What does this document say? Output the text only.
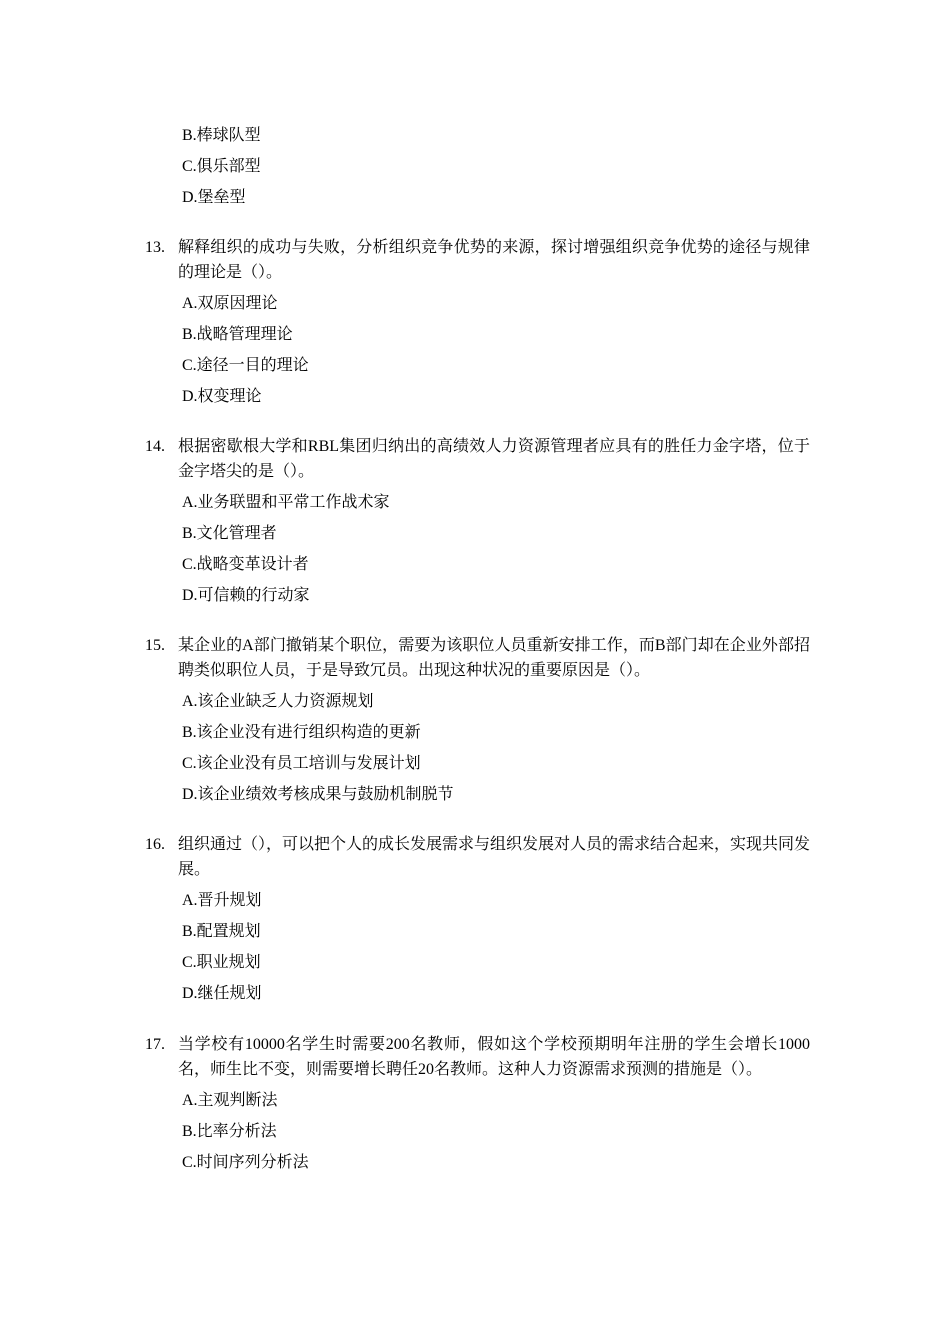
B.棒球队型
C.俱乐部型
D.堡垒型
13. 解释组织的成功与失败，分析组织竞争优势的来源，探讨增强组织竞争优势的途径与规律的理论是（）。
A.双原因理论
B.战略管理理论
C.途径一目的理论
D.权变理论
14. 根据密歇根大学和RBL集团归纳出的高绩效人力资源管理者应具有的胜任力金字塔，位于金字塔尖的是（）。
A.业务联盟和平常工作战术家
B.文化管理者
C.战略变革设计者
D.可信赖的行动家
15. 某企业的A部门撤销某个职位，需要为该职位人员重新安排工作，而B部门却在企业外部招聘类似职位人员，于是导致冗员。出现这种状况的重要原因是（）。
A.该企业缺乏人力资源规划
B.该企业没有进行组织构造的更新
C.该企业没有员工培训与发展计划
D.该企业绩效考核成果与鼓励机制脱节
16. 组织通过（），可以把个人的成长发展需求与组织发展对人员的需求结合起来，实现共同发展。
A.晋升规划
B.配置规划
C.职业规划
D.继任规划
17. 当学校有10000名学生时需要200名教师，假如这个学校预期明年注册的学生会增长1000名，师生比不变，则需要增长聘任20名教师。这种人力资源需求预测的措施是（）。
A.主观判断法
B.比率分析法
C.时间序列分析法
